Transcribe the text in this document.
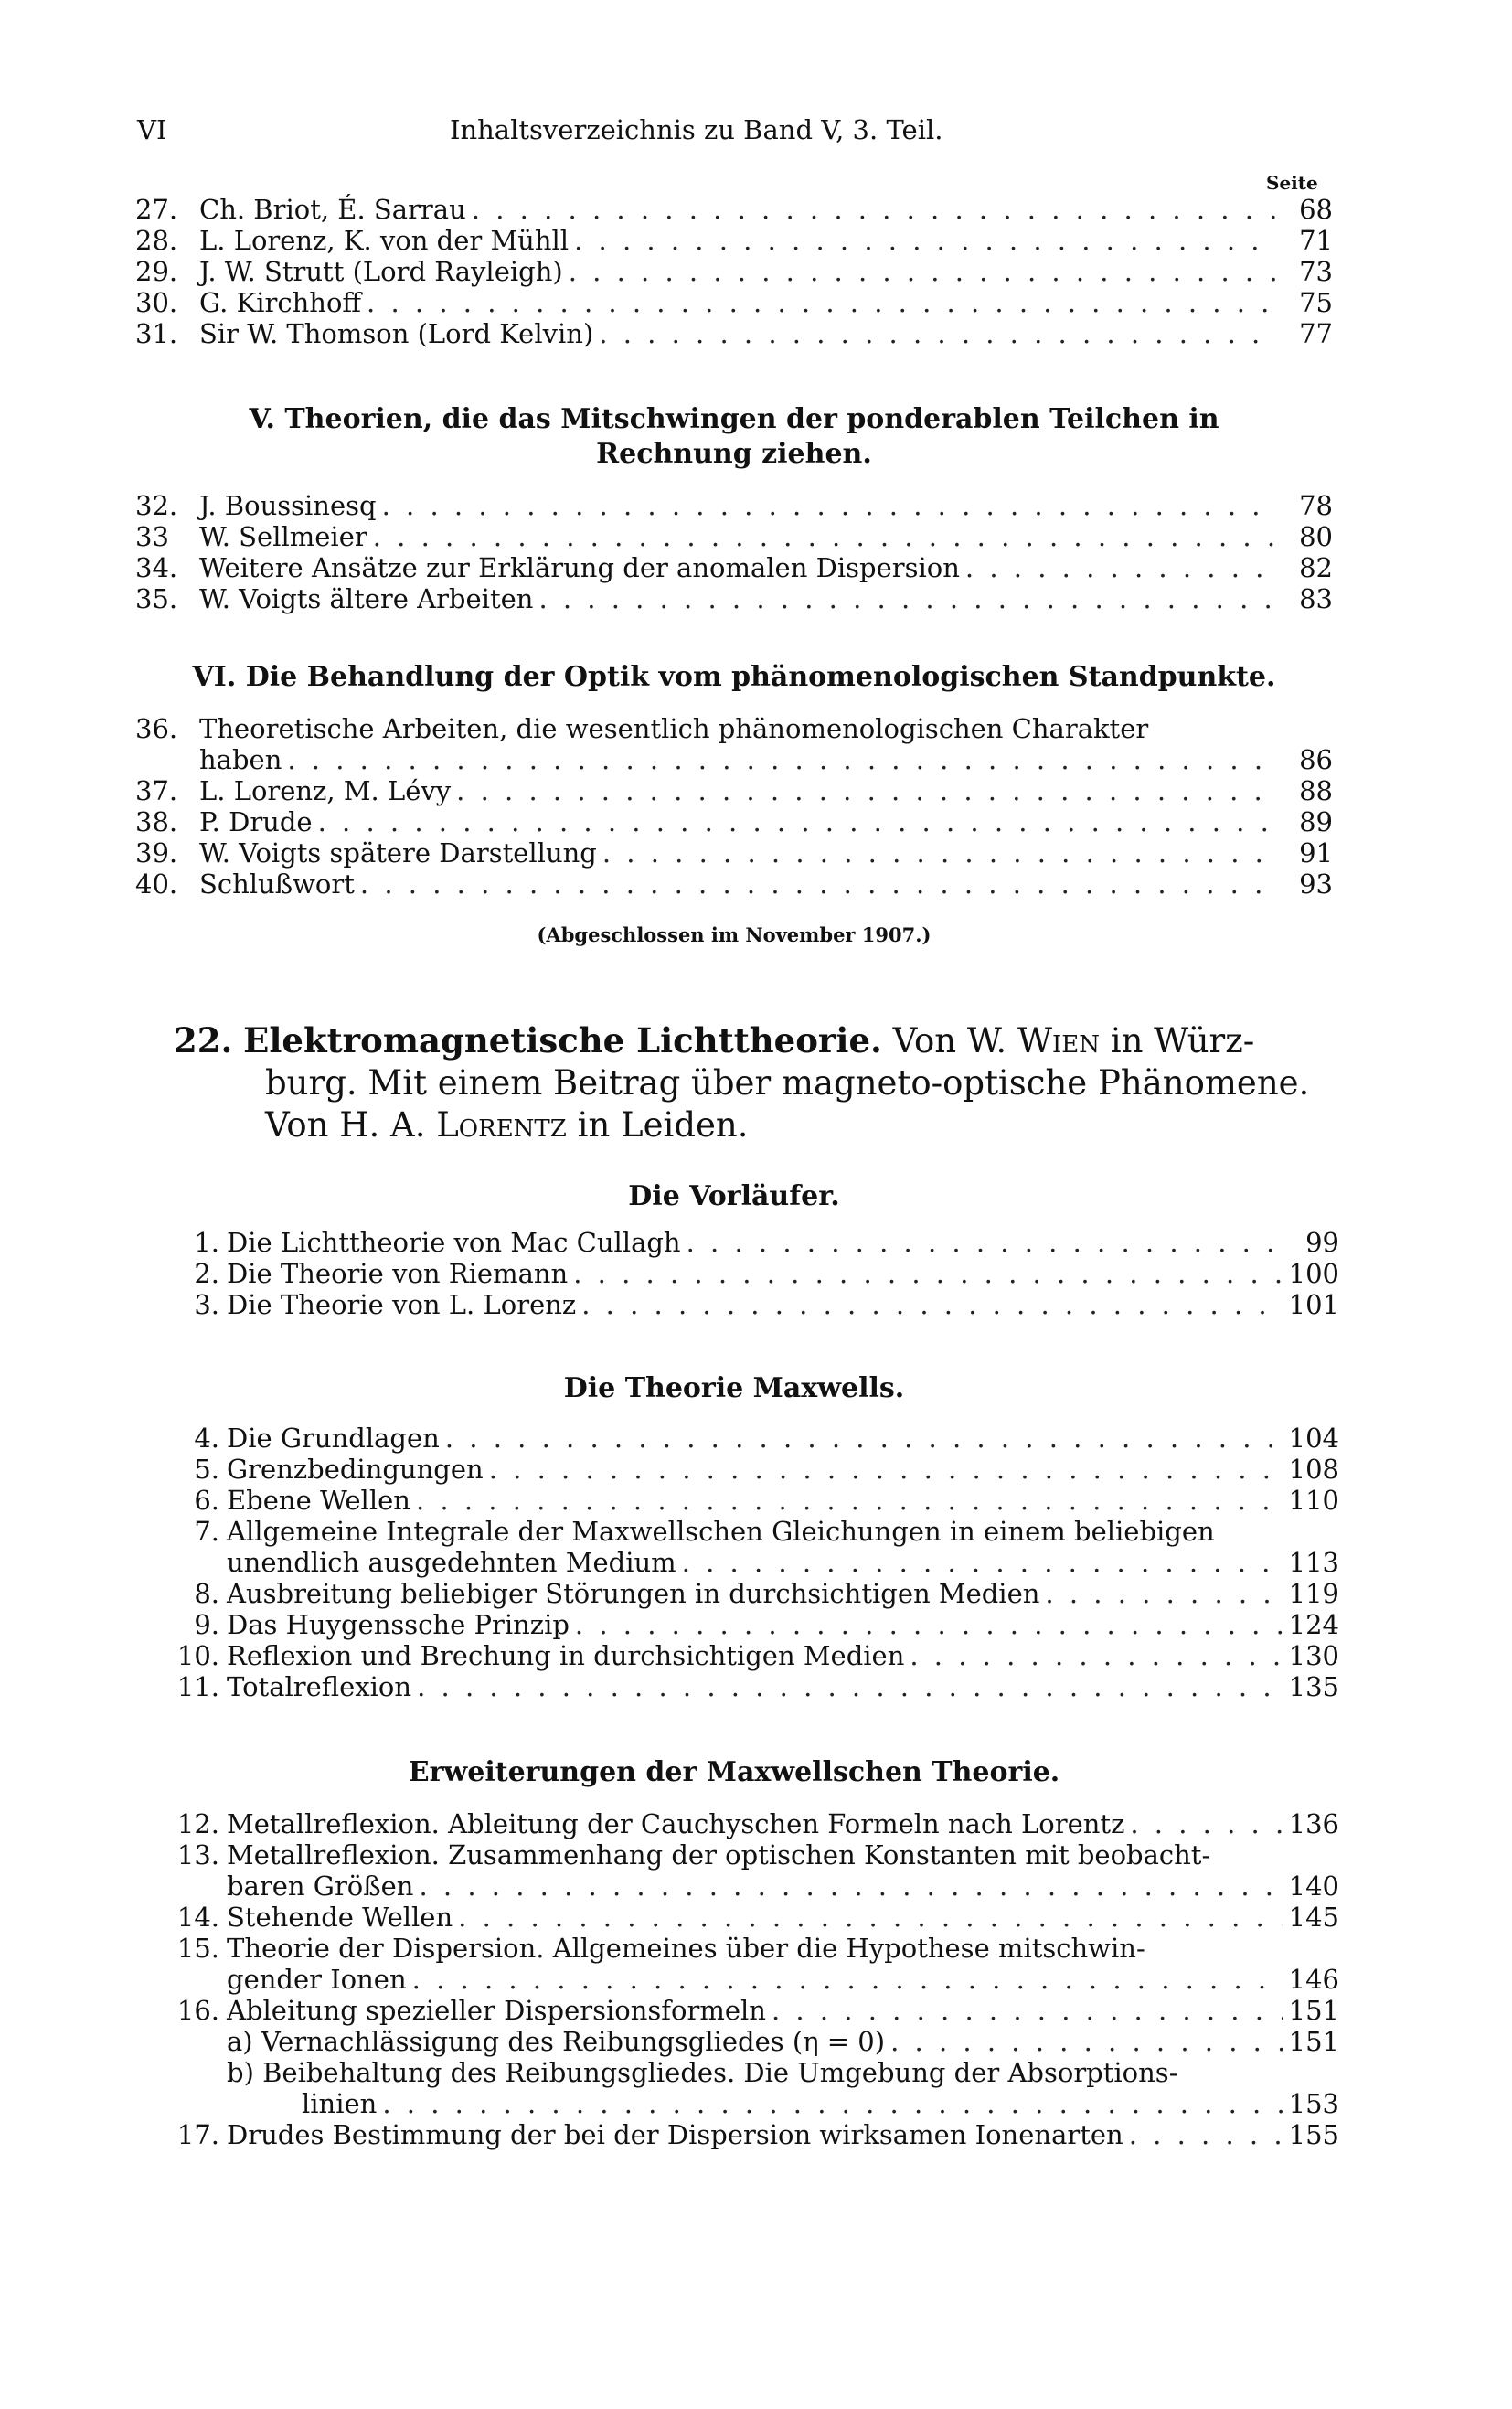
VI	Inhaltsverzeichnis zu Band V, 3. Teil.
Seite
27. Ch. Briot, É. Sarrau . . .	68
28. L. Lorenz, K. von der Mühll . . .	71
29. J. W. Strutt (Lord Rayleigh) . . .	73
30. G. Kirchhoff . . .	75
31. Sir W. Thomson (Lord Kelvin) . . .	77
V. Theorien, die das Mitschwingen der ponderablen Teilchen in
Rechnung ziehen.
32. J. Boussinesq . . .	78
33	W. Sellmeier . . .	80
34. Weitere Ansätze zur Erklärung der anomalen Dispersion . . .	82
35. W. Voigts ältere Arbeiten . . .	83
VI. Die Behandlung der Optik vom phänomenologischen Standpunkte.
36. Theoretische Arbeiten, die wesentlich phänomenologischen Charakter
haben . . .	86
37. L. Lorenz, M. Lévy . . .	88
38. P. Drude . . .	89
39. W. Voigts spätere Darstellung . . .	91
40. Schlußwort . . .	93
(Abgeschlossen im November 1907.)
22. Elektromagnetische Lichttheorie. Von W. Wien in Würz-
burg. Mit einem Beitrag über magneto-optische Phänomene.
Von H. A. Lorentz in Leiden.
Die Vorläufer.
1. Die Lichttheorie von Mac Cullagh . . .	99
2. Die Theorie von Riemann . . .	100
3. Die Theorie von L. Lorenz . . .	101
Die Theorie Maxwells.
4. Die Grundlagen . . .	104
5. Grenzbedingungen . . .	108
6. Ebene Wellen . . .	110
7. Allgemeine Integrale der Maxwellschen Gleichungen in einem beliebigen
unendlich ausgedehnten Medium . . .	113
8. Ausbreitung beliebiger Störungen in durchsichtigen Medien . . .	119
9. Das Huygenssche Prinzip . . .	124
10. Reflexion und Brechung in durchsichtigen Medien . . .	130
11. Totalreflexion . . .	135
Erweiterungen der Maxwellschen Theorie.
12. Metallreflexion. Ableitung der Cauchyschen Formeln nach Lorentz . . .	136
13. Metallreflexion. Zusammenhang der optischen Konstanten mit beobacht-
baren Größen . . .	140
14. Stehende Wellen . . .	145
15. Theorie der Dispersion. Allgemeines über die Hypothese mitschwin-
gender Ionen . . .	146
16. Ableitung spezieller Dispersionsformeln . . .	151
a) Vernachlässigung des Reibungsgliedes (η = 0) . . .	151
b) Beibehaltung des Reibungsgliedes. Die Umgebung der Absorptions-
linien . . .	153
17. Drudes Bestimmung der bei der Dispersion wirksamen Ionenarten . . .	155
